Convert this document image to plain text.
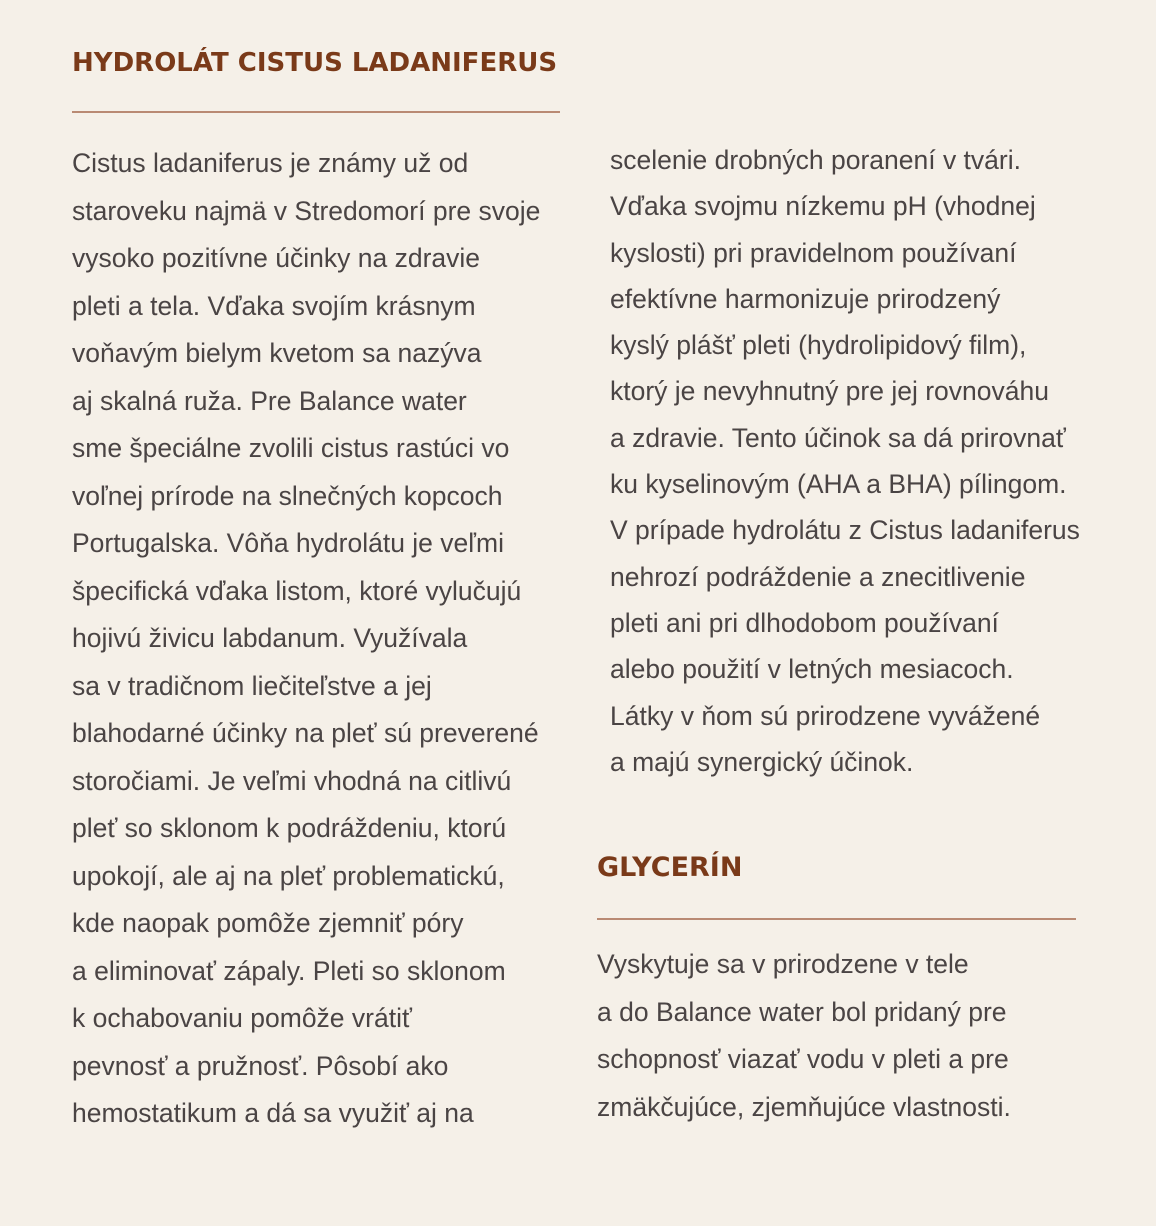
HYDROLÁT CISTUS LADANIFERUS
Cistus ladaniferus je známy už od
staroveku najmä v Stredomorí pre svoje
vysoko pozitívne účinky na zdravie
pleti a tela. Vďaka svojím krásnym
voňavým bielym kvetom sa nazýva
aj skalná ruža. Pre Balance water
sme špeciálne zvolili cistus rastúci vo
voľnej prírode na slnečných kopcoch
Portugalska. Vôňa hydrolátu je veľmi
špecifická vďaka listom, ktoré vylučujú
hojivú živicu labdanum. Využívala
sa v tradičnom liečiteľstve a jej
blahodarné účinky na pleť sú preverené
storočiami. Je veľmi vhodná na citlivú
pleť so sklonom k podráždeniu, ktorú
upokojí, ale aj na pleť problematickú,
kde naopak pomôže zjemniť póry
a eliminovať zápaly. Pleti so sklonom
k ochabovaniu pomôže vrátiť
pevnosť a pružnosť. Pôsobí ako
hemostatikum a dá sa využiť aj na
scelenie drobných poranení v tvári.
Vďaka svojmu nízkemu pH (vhodnej
kyslosti) pri pravidelnom používaní
efektívne harmonizuje prirodzený
kyslý plášť pleti (hydrolipidový film),
ktorý je nevyhnutný pre jej rovnováhu
a zdravie. Tento účinok sa dá prirovnať
ku kyselinovým (AHA a BHA) pílingom.
V prípade hydrolátu z Cistus ladaniferus
nehrozí podráždenie a znecitlivenie
pleti ani pri dlhodobom používaní
alebo použití v letných mesiacoch.
Látky v ňom sú prirodzene vyvážené
a majú synergický účinok.
GLYCERÍN
Vyskytuje sa v prirodzene v tele
a do Balance water bol pridaný pre
schopnosť viazať vodu v pleti a pre
zmäkčujúce, zjemňujúce vlastnosti.
